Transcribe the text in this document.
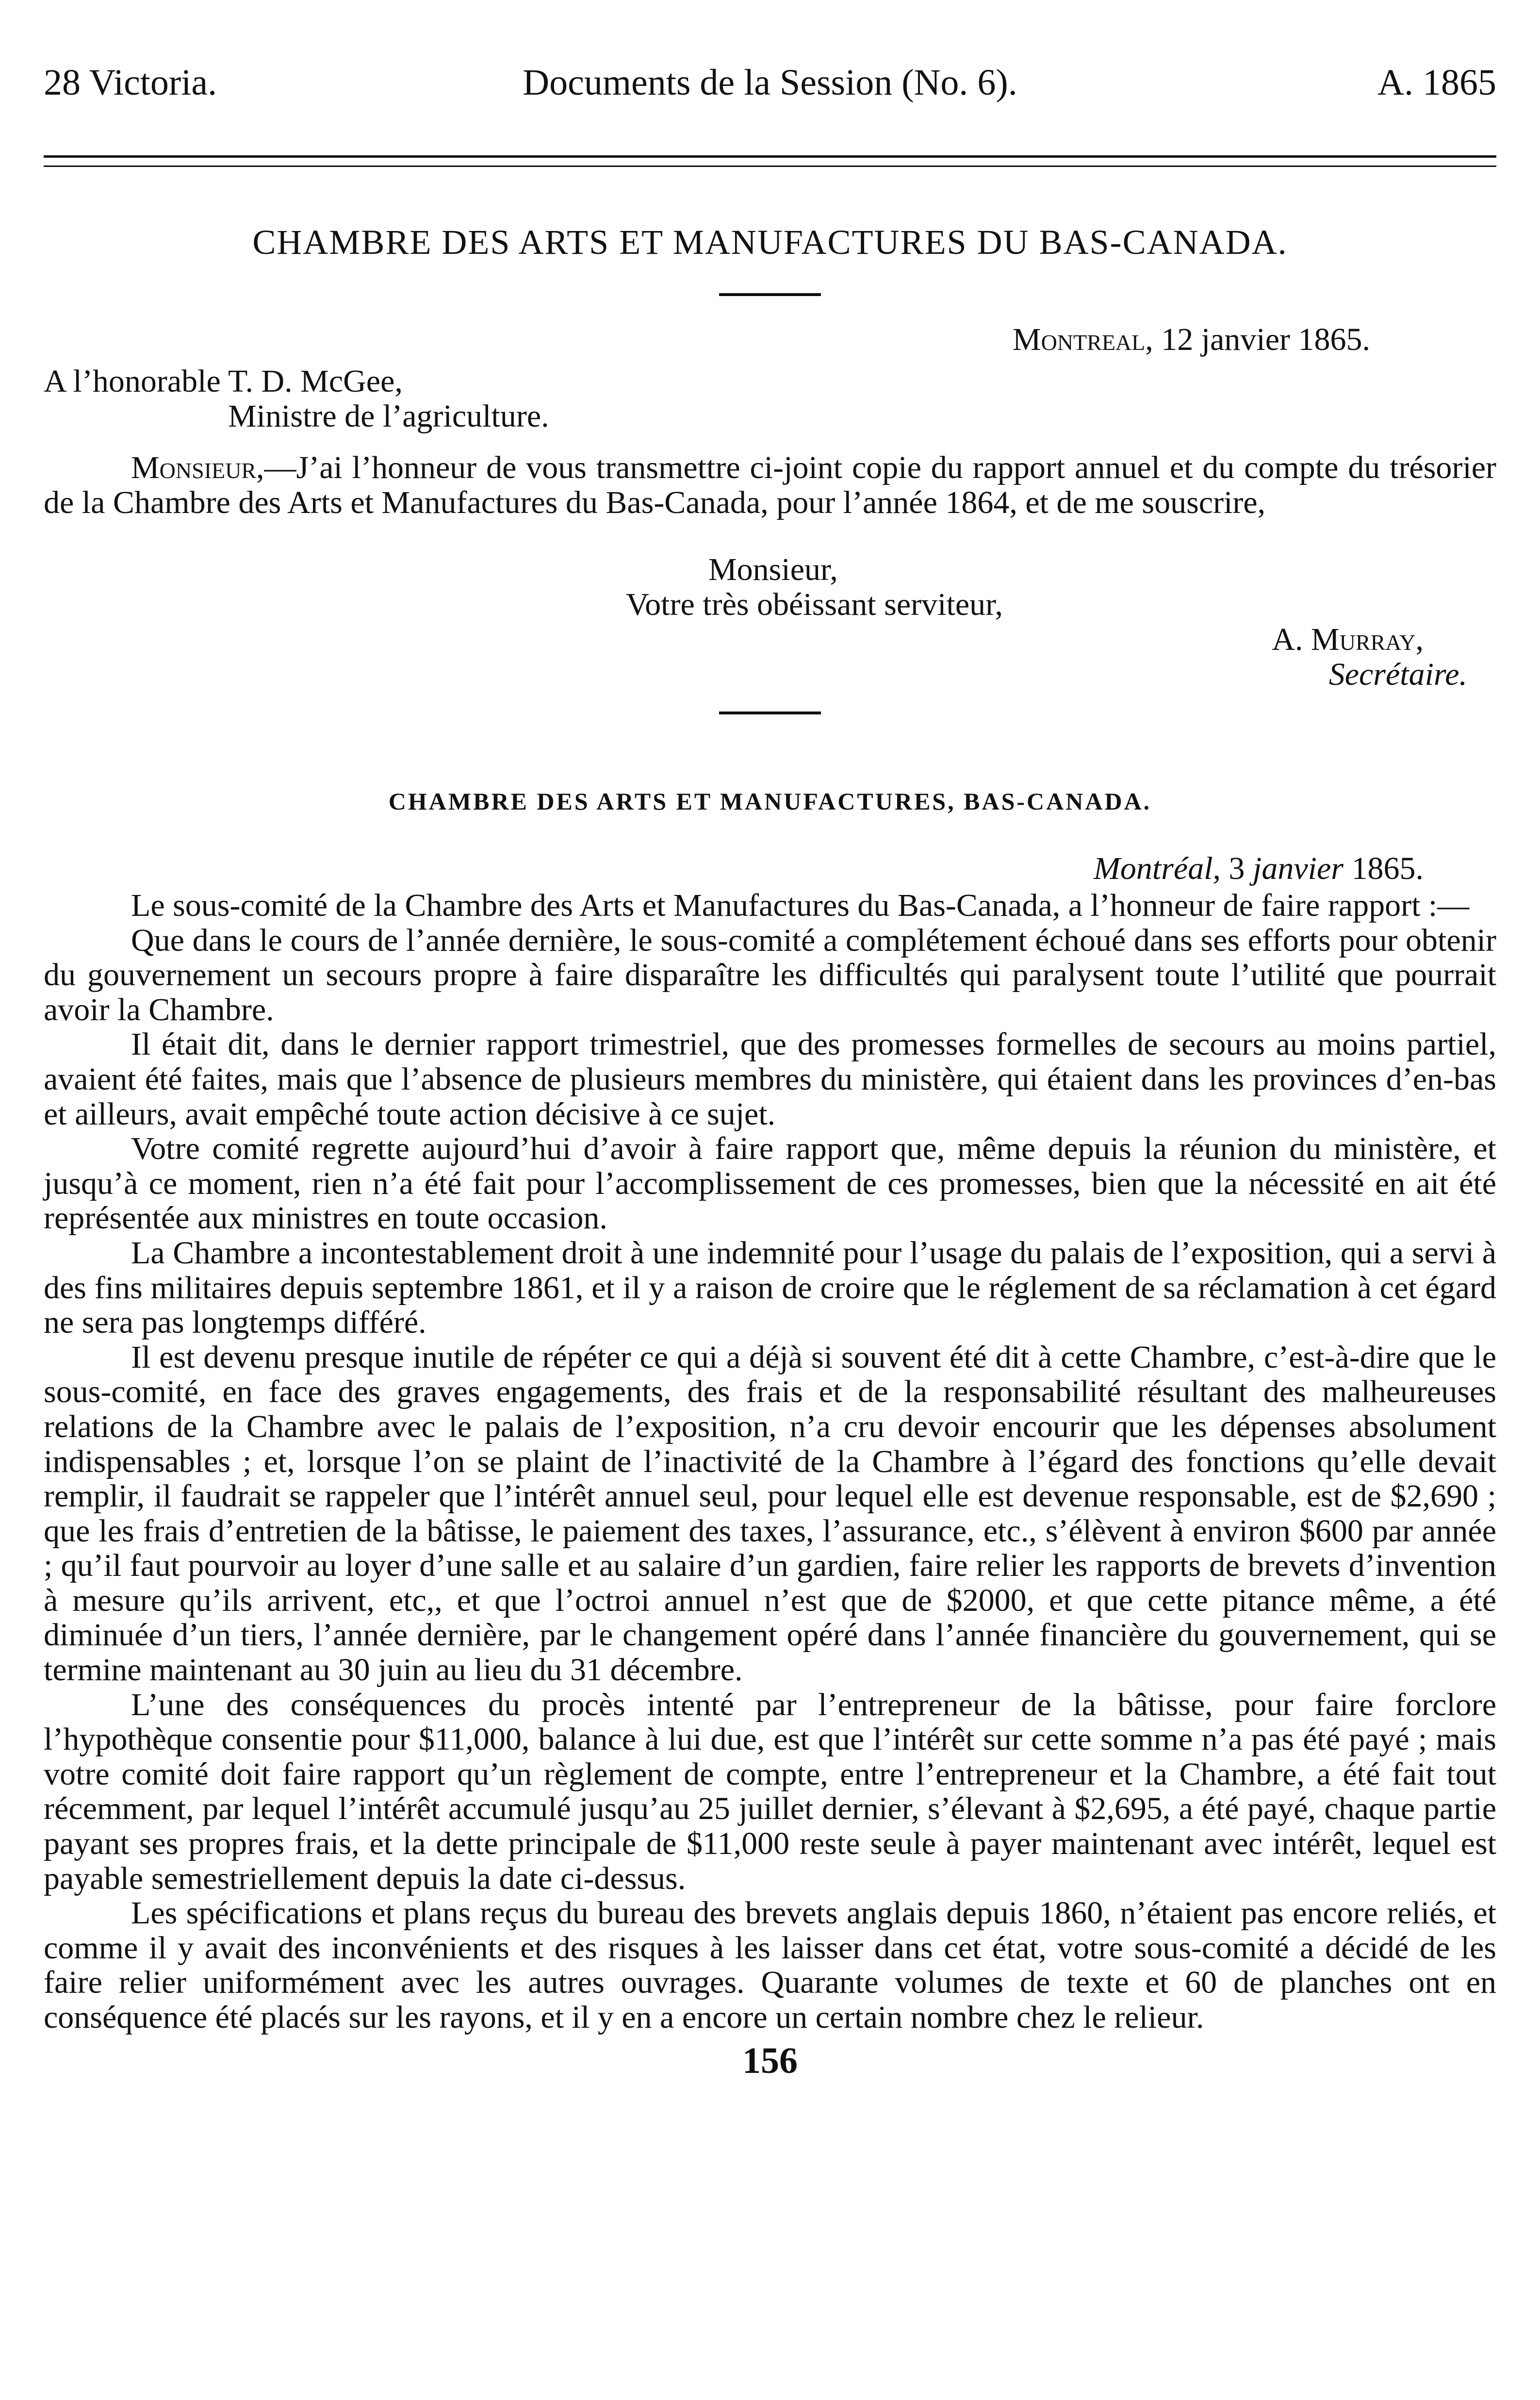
28 Victoria.	Documents de la Session (No. 6).	A. 1865
CHAMBRE DES ARTS ET MANUFACTURES DU BAS-CANADA.
Montreal, 12 janvier 1865.
A l’honorable T. D. McGee,
Ministre de l’agriculture.

Monsieur,—J’ai l’honneur de vous transmettre ci-joint copie du rapport annuel et du compte du trésorier de la Chambre des Arts et Manufactures du Bas-Canada, pour l’année 1864, et de me souscrire,

Monsieur,
Votre très obéissant serviteur,
A. Murray,
Secrétaire.
CHAMBRE DES ARTS ET MANUFACTURES, BAS-CANADA.
Montréal, 3 janvier 1865.

Le sous-comité de la Chambre des Arts et Manufactures du Bas-Canada, a l’honneur de faire rapport :—

Que dans le cours de l’année dernière, le sous-comité a complétement échoué dans ses efforts pour obtenir du gouvernement un secours propre à faire disparaître les difficultés qui paralysent toute l’utilité que pourrait avoir la Chambre.

Il était dit, dans le dernier rapport trimestriel, que des promesses formelles de secours au moins partiel, avaient été faites, mais que l’absence de plusieurs membres du ministère, qui étaient dans les provinces d’en-bas et ailleurs, avait empêché toute action décisive à ce sujet.

Votre comité regrette aujourd’hui d’avoir à faire rapport que, même depuis la réunion du ministère, et jusqu’à ce moment, rien n’a été fait pour l’accomplissement de ces promesses, bien que la nécessité en ait été représentée aux ministres en toute occasion.

La Chambre a incontestablement droit à une indemnité pour l’usage du palais de l’exposition, qui a servi à des fins militaires depuis septembre 1861, et il y a raison de croire que le réglement de sa réclamation à cet égard ne sera pas longtemps différé.

Il est devenu presque inutile de répéter ce qui a déjà si souvent été dit à cette Chambre, c’est-à-dire que le sous-comité, en face des graves engagements, des frais et de la responsabilité résultant des malheureuses relations de la Chambre avec le palais de l’exposition, n’a cru devoir encourir que les dépenses absolument indispensables ; et, lorsque l’on se plaint de l’inactivité de la Chambre à l’égard des fonctions qu’elle devait remplir, il faudrait se rappeler que l’intérêt annuel seul, pour lequel elle est devenue responsable, est de $2,690 ; que les frais d’entretien de la bâtisse, le paiement des taxes, l’assurance, etc., s’élèvent à environ $600 par année ; qu’il faut pourvoir au loyer d’une salle et au salaire d’un gardien, faire relier les rapports de brevets d’invention à mesure qu’ils arrivent, etc,, et que l’octroi annuel n’est que de $2000, et que cette pitance même, a été diminuée d’un tiers, l’année dernière, par le changement opéré dans l’année financière du gouvernement, qui se termine maintenant au 30 juin au lieu du 31 décembre.

L’une des conséquences du procès intenté par l’entrepreneur de la bâtisse, pour faire forclore l’hypothèque consentie pour $11,000, balance à lui due, est que l’intérêt sur cette somme n’a pas été payé ; mais votre comité doit faire rapport qu’un règlement de compte, entre l’entrepreneur et la Chambre, a été fait tout récemment, par lequel l’intérêt accumulé jusqu’au 25 juillet dernier, s’élevant à $2,695, a été payé, chaque partie payant ses propres frais, et la dette principale de $11,000 reste seule à payer maintenant avec intérêt, lequel est payable semestriellement depuis la date ci-dessus.

Les spécifications et plans reçus du bureau des brevets anglais depuis 1860, n’étaient pas encore reliés, et comme il y avait des inconvénients et des risques à les laisser dans cet état, votre sous-comité a décidé de les faire relier uniformément avec les autres ouvrages. Quarante volumes de texte et 60 de planches ont en conséquence été placés sur les rayons, et il y en a encore un certain nombre chez le relieur.

156
